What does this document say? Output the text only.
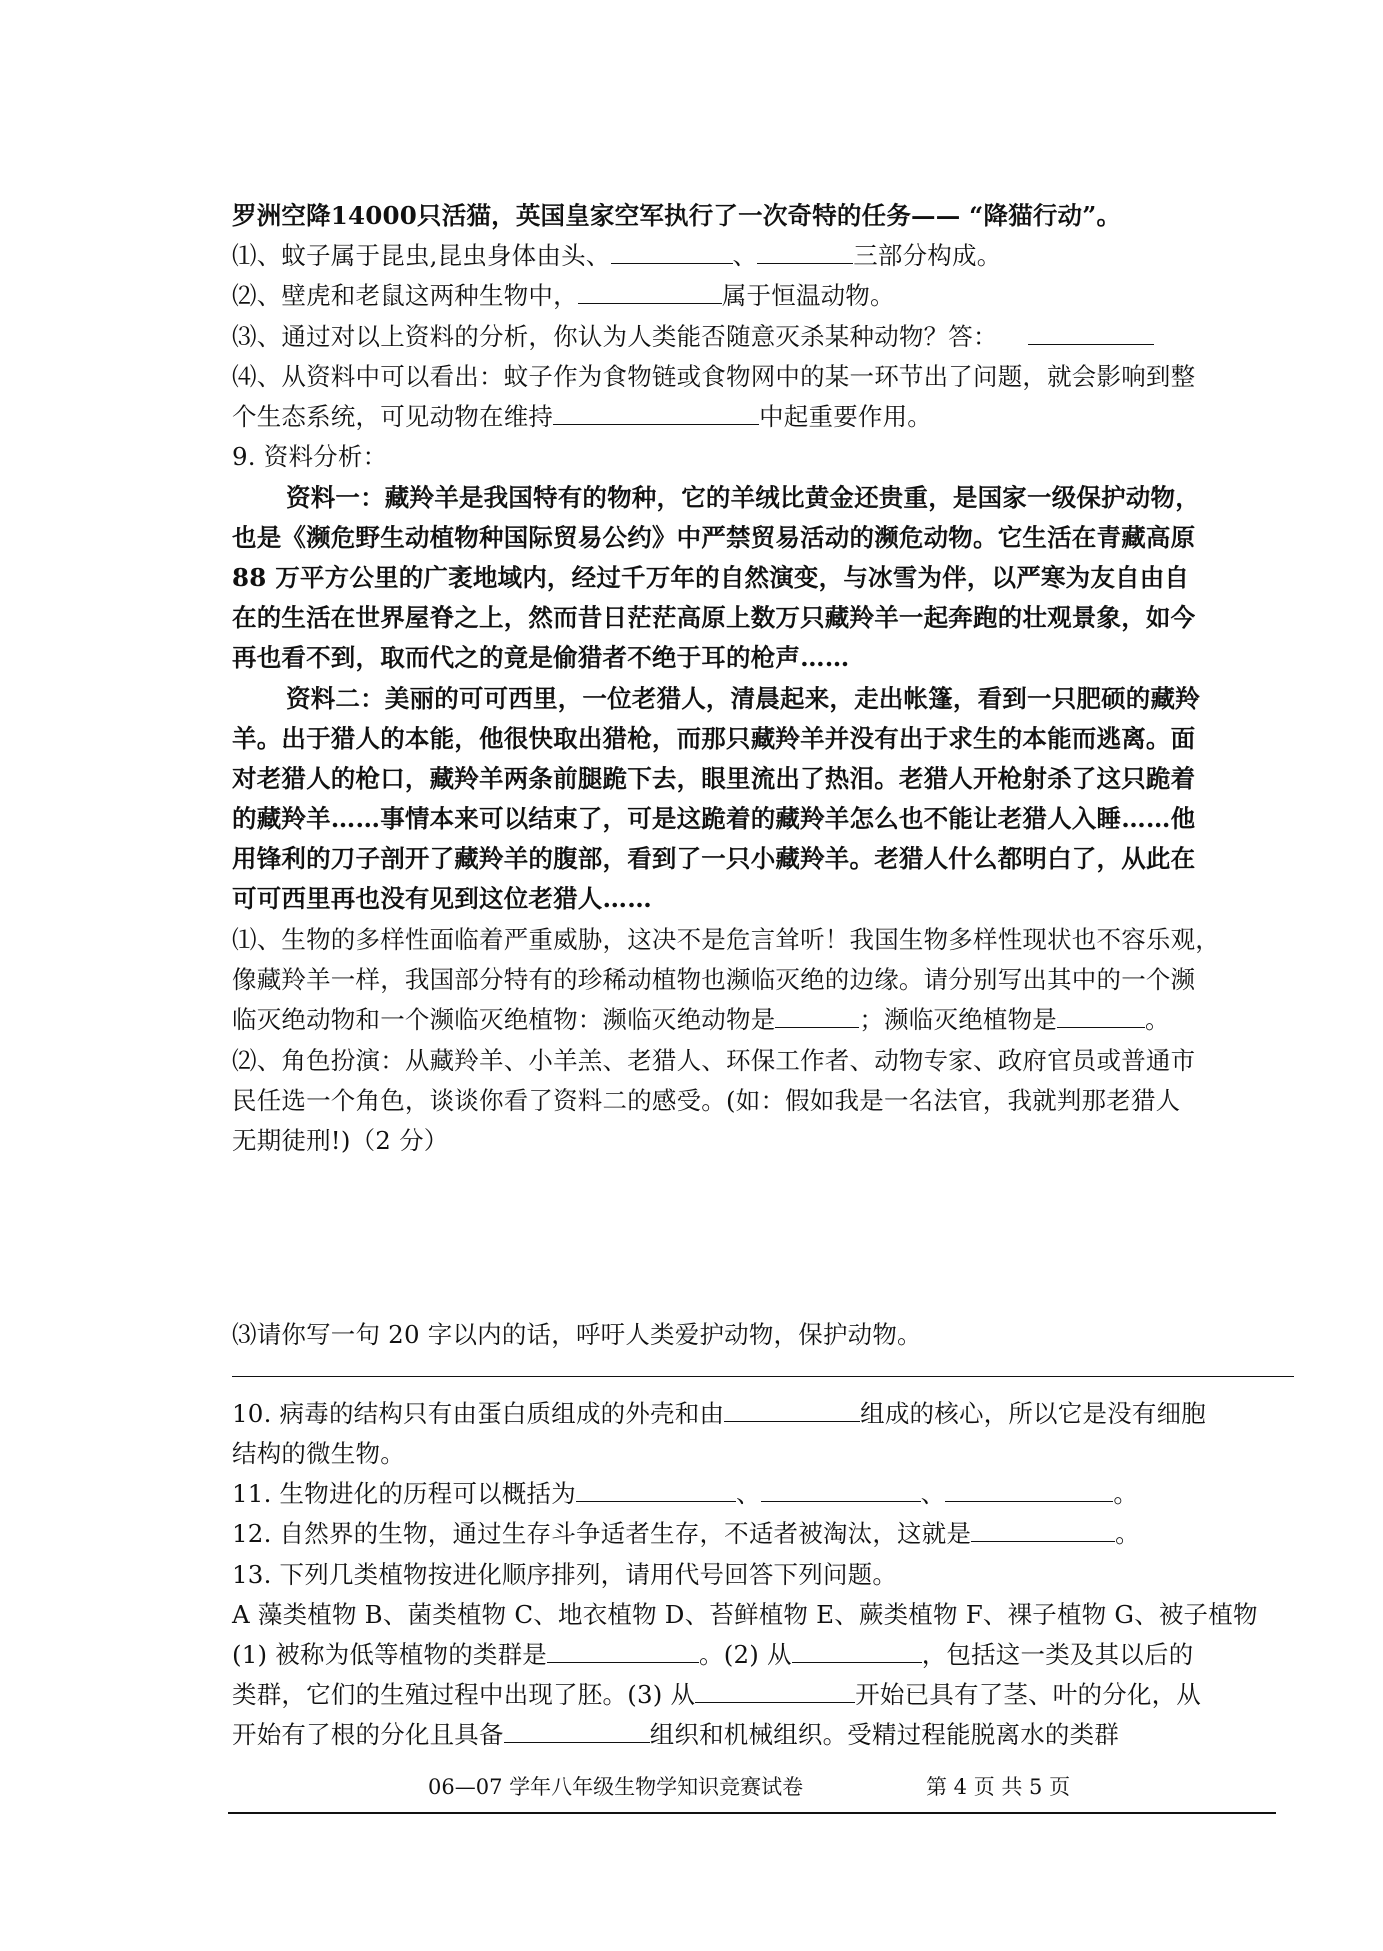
罗洲空降14000只活猫，英国皇家空军执行了一次奇特的任务—— “降猫行动”。
⑴、蚊子属于昆虫,昆虫身体由头、	、	三部分构成。
⑵、壁虎和老鼠这两种生物中，	属于恒温动物。
⑶、通过对以上资料的分析，你认为人类能否随意灭杀某种动物？答：
⑷、从资料中可以看出：蚊子作为食物链或食物网中的某一环节出了问题，就会影响到整
个生态系统，可见动物在维持	中起重要作用。
9. 资料分析：
资料一：藏羚羊是我国特有的物种，它的羊绒比黄金还贵重，是国家一级保护动物，
也是《濒危野生动植物种国际贸易公约》中严禁贸易活动的濒危动物。它生活在青藏高原
88 万平方公里的广袤地域内，经过千万年的自然演变，与冰雪为伴，以严寒为友自由自
在的生活在世界屋脊之上，然而昔日茫茫高原上数万只藏羚羊一起奔跑的壮观景象，如今
再也看不到，取而代之的竟是偷猎者不绝于耳的枪声……
资料二：美丽的可可西里，一位老猎人，清晨起来，走出帐篷，看到一只肥硕的藏羚
羊。出于猎人的本能，他很快取出猎枪，而那只藏羚羊并没有出于求生的本能而逃离。面
对老猎人的枪口，藏羚羊两条前腿跪下去，眼里流出了热泪。老猎人开枪射杀了这只跪着
的藏羚羊……事情本来可以结束了，可是这跪着的藏羚羊怎么也不能让老猎人入睡……他
用锋利的刀子剖开了藏羚羊的腹部，看到了一只小藏羚羊。老猎人什么都明白了，从此在
可可西里再也没有见到这位老猎人……
⑴、生物的多样性面临着严重威胁，这决不是危言耸听！我国生物多样性现状也不容乐观，
像藏羚羊一样，我国部分特有的珍稀动植物也濒临灭绝的边缘。请分别写出其中的一个濒
临灭绝动物和一个濒临灭绝植物：濒临灭绝动物是	；濒临灭绝植物是	。
⑵、角色扮演：从藏羚羊、小羊羔、老猎人、环保工作者、动物专家、政府官员或普通市
民任选一个角色，谈谈你看了资料二的感受。(如：假如我是一名法官，我就判那老猎人
无期徒刑!)（2 分）
⑶请你写一句 20 字以内的话，呼吁人类爱护动物，保护动物。
10. 病毒的结构只有由蛋白质组成的外壳和由	组成的核心，所以它是没有细胞
结构的微生物。
11. 生物进化的历程可以概括为	、	、	。
12. 自然界的生物，通过生存斗争适者生存，不适者被淘汰，这就是	。
13. 下列几类植物按进化顺序排列，请用代号回答下列问题。
A 藻类植物 B、菌类植物 C、地衣植物 D、苔鲜植物 E、蕨类植物 F、裸子植物 G、被子植物
(1) 被称为低等植物的类群是	。(2) 从	，包括这一类及其以后的
类群，它们的生殖过程中出现了胚。(3) 从	开始已具有了茎、叶的分化，从
开始有了根的分化且具备	组织和机械组织。受精过程能脱离水的类群
06—07 学年八年级生物学知识竞赛试卷	第 4 页 共 5 页
